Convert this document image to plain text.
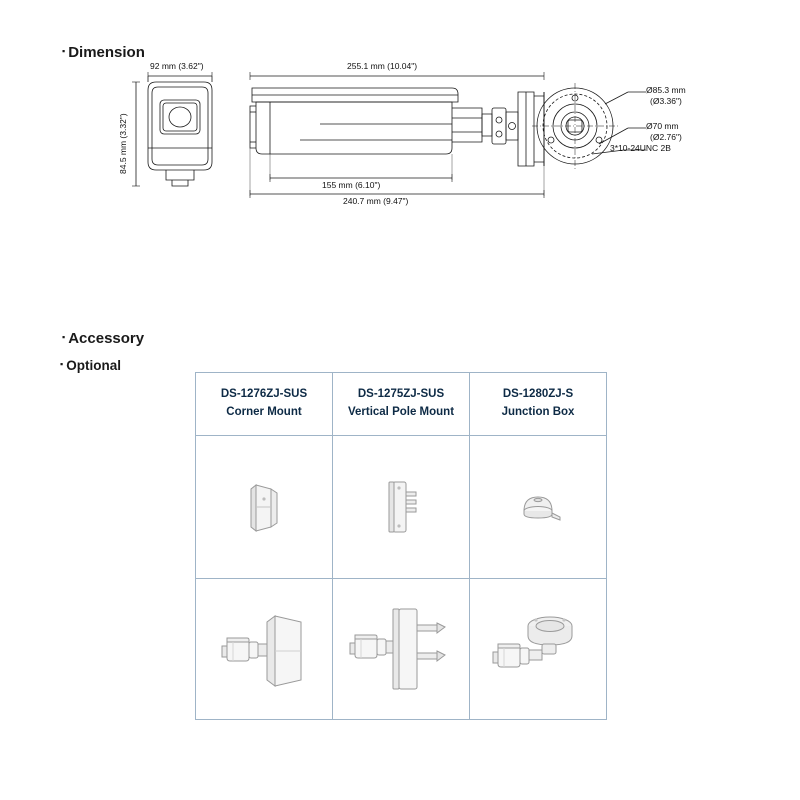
▪ Dimension
▪ Accessory
▪ Optional
92 mm (3.62")
84.5 mm (3.32")
255.1 mm (10.04")
155 mm (6.10")
240.7 mm (9.47")
Ø85.3 mm
(Ø3.36")
Ø70 mm
(Ø2.76")
3*10-24UNC 2B
DS-1276ZJ-SUS
Corner Mount

DS-1275ZJ-SUS
Vertical Pole Mount

DS-1280ZJ-S
Junction Box
